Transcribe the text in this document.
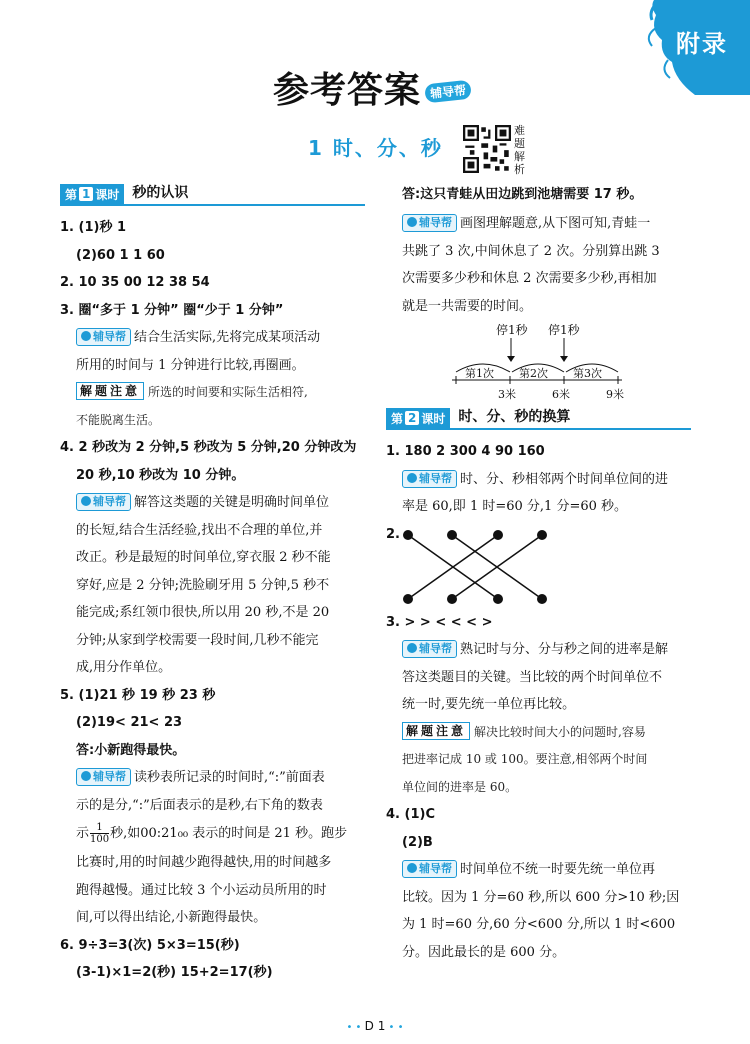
附录
参考答案 辅导帮
1 时、分、秒
难题解析
第 1 课时 秒的认识
1. (1)秒 1
(2)60 1 1 60
2. 10 35 00 12 38 54
3. 圈“多于 1 分钟” 圈“少于 1 分钟”
辅导帮 结合生活实际,先将完成某项活动
所用的时间与 1 分钟进行比较,再圈画。
解题注意 所选的时间要和实际生活相符,
不能脱离生活。
4. 2 秒改为 2 分钟,5 秒改为 5 分钟,20 分钟改为
20 秒,10 秒改为 10 分钟。
辅导帮 解答这类题的关键是明确时间单位
的长短,结合生活经验,找出不合理的单位,并
改正。秒是最短的时间单位,穿衣服 2 秒不能
穿好,应是 2 分钟;洗脸刷牙用 5 分钟,5 秒不
能完成;系红领巾很快,所以用 20 秒,不是 20
分钟;从家到学校需要一段时间,几秒不能完
成,用分作单位。
5. (1)21 秒 19 秒 23 秒
(2)19< 21< 23
答:小新跑得最快。
辅导帮 读秒表所记录的时间时,“:”前面表
示的是分,“:”后面表示的是秒,右下角的数表
示 $\frac{1}{100}$ 秒,如00:21₀₀ 表示的时间是 21 秒。跑步
比赛时,用的时间越少跑得越快,用的时间越多
跑得越慢。通过比较 3 个小运动员所用的时
间,可以得出结论,小新跑得最快。
6. 9÷3=3(次) 5×3=15(秒)
(3-1)×1=2(秒) 15+2=17(秒)
答:这只青蛙从田边跳到池塘需要 17 秒。
辅导帮 画图理解题意,从下图可知,青蛙一
共跳了 3 次,中间休息了 2 次。分别算出跳 3
次需要多少秒和休息 2 次需要多少秒,再相加
就是一共需要的时间。
停1秒 停1秒
第1次 第2次 第3次
3米	6米	9米
第 2 课时 时、分、秒的换算
1. 180 2 300 4 90 160
辅导帮 时、分、秒相邻两个时间单位间的进
率是 60,即 1 时=60 分,1 分=60 秒。
2.
3. > > < < < >
辅导帮 熟记时与分、分与秒之间的进率是解
答这类题目的关键。当比较的两个时间单位不
统一时,要先统一单位再比较。
解题注意 解决比较时间大小的问题时,容易
把进率记成 10 或 100。要注意,相邻两个时间
单位间的进率是 60。
4. (1)C
(2)B
辅导帮 时间单位不统一时要先统一单位再
比较。因为 1 分=60 秒,所以 600 分>10 秒;因
为 1 时=60 分,60 分<600 分,所以 1 时<600
分。因此最长的是 600 分。
• • D 1 • •
